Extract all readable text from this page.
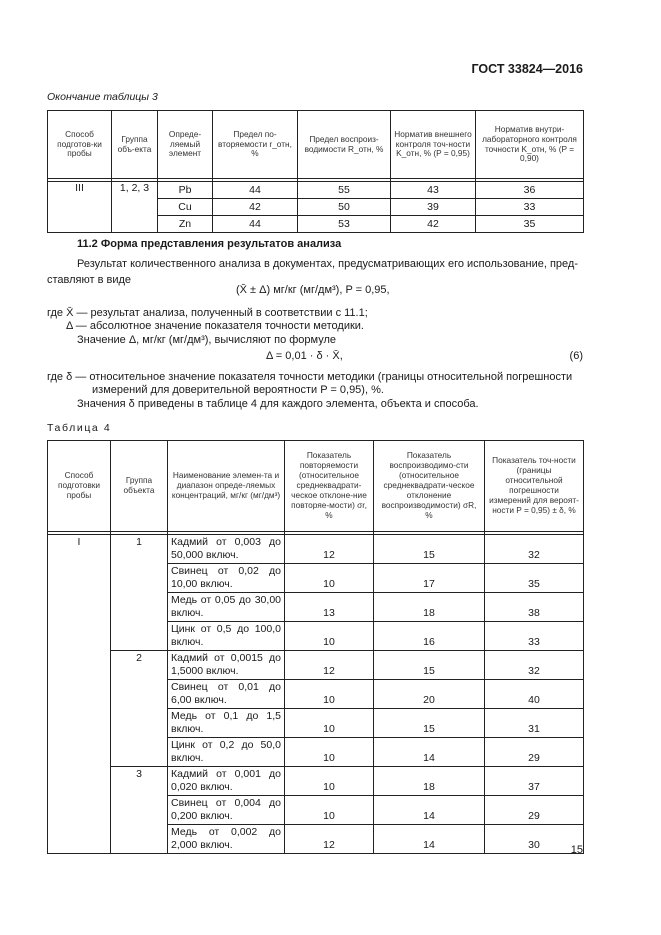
ГОСТ 33824—2016
Окончание таблицы 3
Способ подготов-ки пробы	Группа объ-екта	Опреде-ляемый элемент	Предел по-вторяемости r_отн, %	Предел воспроиз-водимости R_отн, %	Норматив внешнего контроля точ-ности K_отн, % (P = 0,95)	Норматив внутри-лабораторного контроля точности K_отн, % (P = 0,90)

III	1, 2, 3	Pb	44	55	43	36
		Cu	42	50	39	33
		Zn	44	53	42	35
11.2 Форма представления результатов анализа
Результат количественного анализа в документах, предусматривающих его использование, пред-
ставляют в виде
(X̄ ± Δ) мг/кг (мг/дм³), P = 0,95,
где X̄ — результат анализа, полученный в соответствии с 11.1;
Δ — абсолютное значение показателя точности методики.
Значение Δ, мг/кг (мг/дм³), вычисляют по формуле
Δ = 0,01 · δ · X̄,	(6)
где δ — относительное значение показателя точности методики (границы относительной погрешности
измерений для доверительной вероятности P = 0,95), %.
Значения δ приведены в таблице 4 для каждого элемента, объекта и способа.
Таблица 4
Способ подготовки пробы	Группа объекта	Наименование элемен-та и диапазон опреде-ляемых концентраций, мг/кг (мг/дм³)	Показатель повторяемости (относительное среднеквадрати-ческое отклоне-ние повторяе-мости) σr, %	Показатель воспроизводимо-сти (относительное среднеквадрати-ческое отклонение воспроизводимости) σR, %	Показатель точ-ности (границы относительной погрешности измерений для вероят-ности P = 0,95) ± δ, %

I	1	Кадмий от 0,003 до 50,000 включ.	12	15	32
		Свинец от 0,02 до 10,00 включ.	10	17	35
		Медь от 0,05 до 30,00 включ.	13	18	38
		Цинк от 0,5 до 100,0 включ.	10	16	33
	2	Кадмий от 0,0015 до 1,5000 включ.	12	15	32
		Свинец от 0,01 до 6,00 включ.	10	20	40
		Медь от 0,1 до 1,5 включ.	10	15	31
		Цинк от 0,2 до 50,0 включ.	10	14	29
	3	Кадмий от 0,001 до 0,020 включ.	10	18	37
		Свинец от 0,004 до 0,200 включ.	10	14	29
		Медь от 0,002 до 2,000 включ.	12	14	30	15
